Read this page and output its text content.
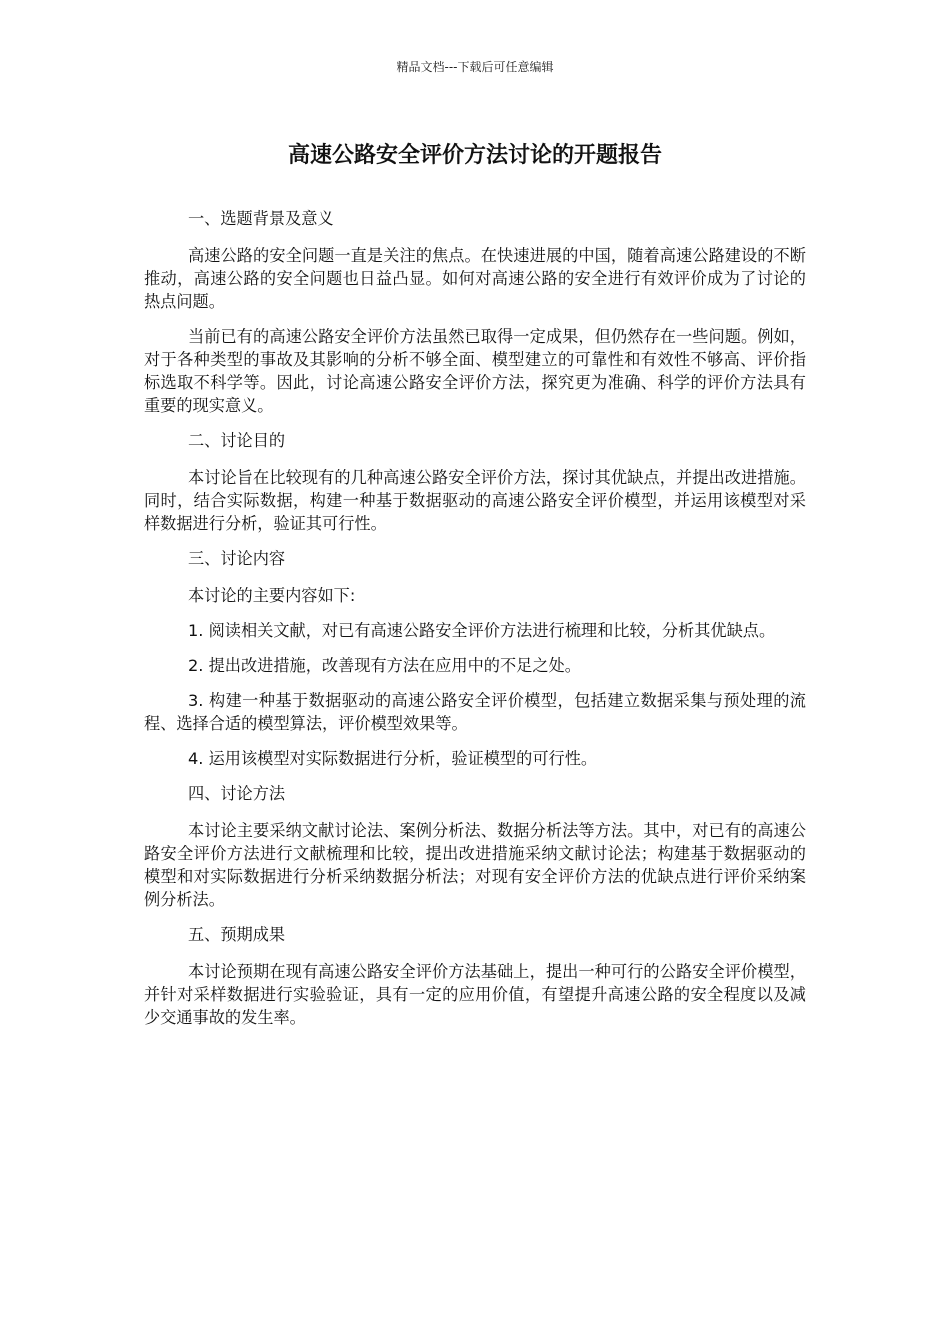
精品文档---下载后可任意编辑
高速公路安全评价方法讨论的开题报告

一、选题背景及意义

高速公路的安全问题一直是关注的焦点。在快速进展的中国，随着高速公路建设的不断推动，高速公路的安全问题也日益凸显。如何对高速公路的安全进行有效评价成为了讨论的热点问题。

当前已有的高速公路安全评价方法虽然已取得一定成果，但仍然存在一些问题。例如，对于各种类型的事故及其影响的分析不够全面、模型建立的可靠性和有效性不够高、评价指标选取不科学等。因此，讨论高速公路安全评价方法，探究更为准确、科学的评价方法具有重要的现实意义。

二、讨论目的

本讨论旨在比较现有的几种高速公路安全评价方法，探讨其优缺点，并提出改进措施。同时，结合实际数据，构建一种基于数据驱动的高速公路安全评价模型，并运用该模型对采样数据进行分析，验证其可行性。

三、讨论内容

本讨论的主要内容如下:

1. 阅读相关文献，对已有高速公路安全评价方法进行梳理和比较，分析其优缺点。

2. 提出改进措施，改善现有方法在应用中的不足之处。

3. 构建一种基于数据驱动的高速公路安全评价模型，包括建立数据采集与预处理的流程、选择合适的模型算法，评价模型效果等。

4. 运用该模型对实际数据进行分析，验证模型的可行性。

四、讨论方法

本讨论主要采纳文献讨论法、案例分析法、数据分析法等方法。其中，对已有的高速公路安全评价方法进行文献梳理和比较，提出改进措施采纳文献讨论法；构建基于数据驱动的模型和对实际数据进行分析采纳数据分析法；对现有安全评价方法的优缺点进行评价采纳案例分析法。

五、预期成果

本讨论预期在现有高速公路安全评价方法基础上，提出一种可行的公路安全评价模型，并针对采样数据进行实验验证，具有一定的应用价值，有望提升高速公路的安全程度以及减少交通事故的发生率。
